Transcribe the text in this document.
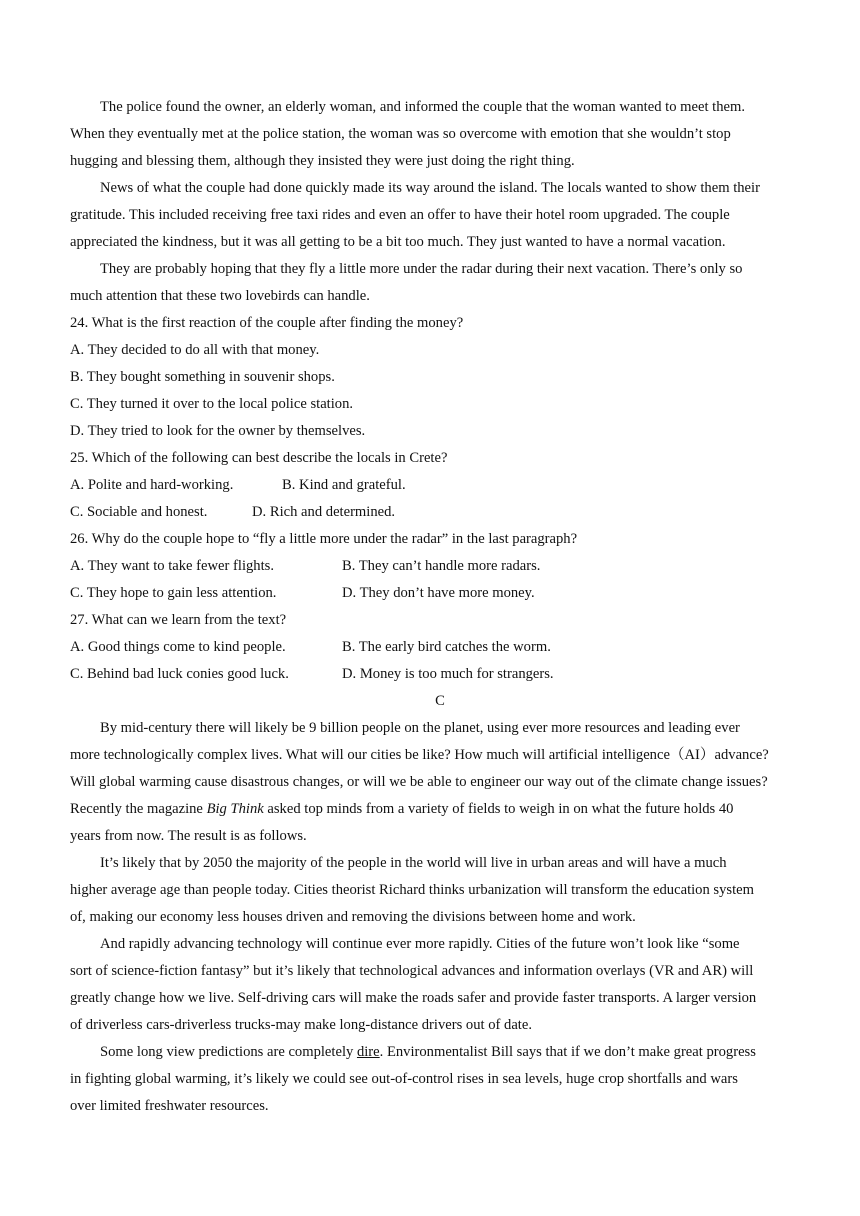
The police found the owner, an elderly woman, and informed the couple that the woman wanted to meet them.
When they eventually met at the police station, the woman was so overcome with emotion that she wouldn’t stop
hugging and blessing them, although they insisted they were just doing the right thing.
News of what the couple had done quickly made its way around the island. The locals wanted to show them their
gratitude. This included receiving free taxi rides and even an offer to have their hotel room upgraded. The couple
appreciated the kindness, but it was all getting to be a bit too much. They just wanted to have a normal vacation.
They are probably hoping that they fly a little more under the radar during their next vacation. There’s only so
much attention that these two lovebirds can handle.
24. What is the first reaction of the couple after finding the money?
A. They decided to do all with that money.
B. They bought something in souvenir shops.
C. They turned it over to the local police station.
D. They tried to look for the owner by themselves.
25. Which of the following can best describe the locals in Crete?
A. Polite and hard-working.	B. Kind and grateful.
C. Sociable and honest.	D. Rich and determined.
26. Why do the couple hope to “fly a little more under the radar” in the last paragraph?
A. They want to take fewer flights.	B. They can’t handle more radars.
C. They hope to gain less attention.	D. They don’t have more money.
27. What can we learn from the text?
A. Good things come to kind people.	B. The early bird catches the worm.
C. Behind bad luck conies good luck.	D. Money is too much for strangers.
C
By mid-century there will likely be 9 billion people on the planet, using ever more resources and leading ever
more technologically complex lives. What will our cities be like? How much will artificial intelligence（AI）advance?
Will global warming cause disastrous changes, or will we be able to engineer our way out of the climate change issues?
Recently the magazine Big Think asked top minds from a variety of fields to weigh in on what the future holds 40
years from now. The result is as follows.
It’s likely that by 2050 the majority of the people in the world will live in urban areas and will have a much
higher average age than people today. Cities theorist Richard thinks urbanization will transform the education system
of, making our economy less houses driven and removing the divisions between home and work.
And rapidly advancing technology will continue ever more rapidly. Cities of the future won’t look like “some
sort of science-fiction fantasy” but it’s likely that technological advances and information overlays (VR and AR) will
greatly change how we live. Self-driving cars will make the roads safer and provide faster transports. A larger version
of driverless cars-driverless trucks-may make long-distance drivers out of date.
Some long view predictions are completely dire. Environmentalist Bill says that if we don’t make great progress
in fighting global warming, it’s likely we could see out-of-control rises in sea levels, huge crop shortfalls and wars
over limited freshwater resources.
